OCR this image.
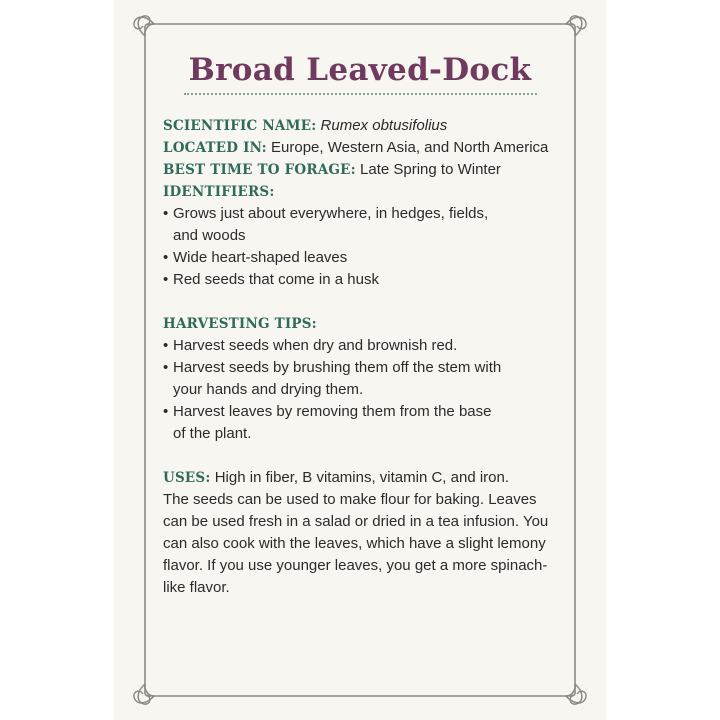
Broad Leaved-Dock

SCIENTIFIC NAME: Rumex obtusifolius

LOCATED IN: Europe, Western Asia, and North America

BEST TIME TO FORAGE: Late Spring to Winter

IDENTIFIERS:

• Grows just about everywhere, in hedges, fields,
and woods
• Wide heart-shaped leaves
• Red seeds that come in a husk

HARVESTING TIPS:

• Harvest seeds when dry and brownish red.
• Harvest seeds by brushing them off the stem with
your hands and drying them.
• Harvest leaves by removing them from the base
of the plant.

USES: High in fiber, B vitamins, vitamin C, and iron.

The seeds can be used to make flour for baking. Leaves

can be used fresh in a salad or dried in a tea infusion. You

can also cook with the leaves, which have a slight lemony

flavor. If you use younger leaves, you get a more spinach-

like flavor.
